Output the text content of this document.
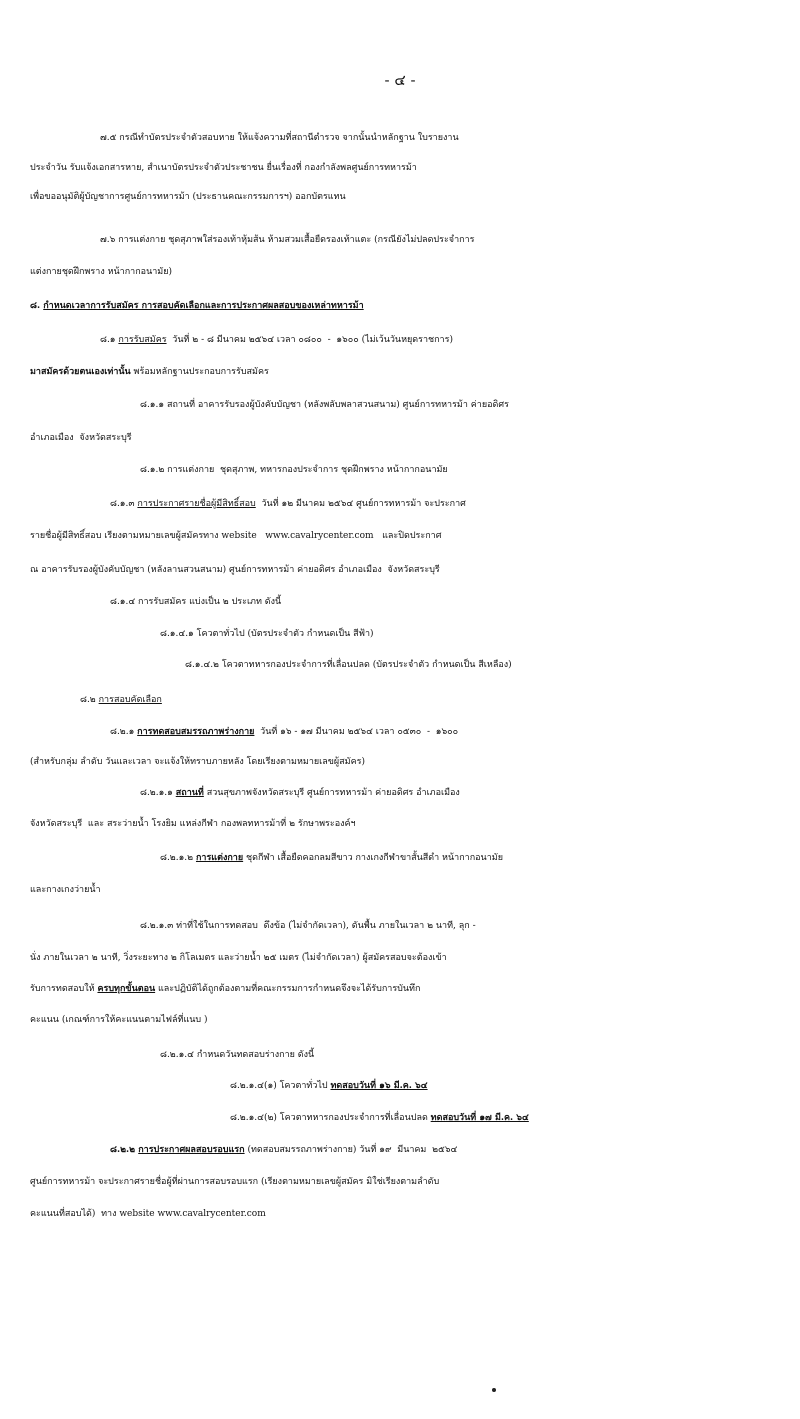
- ๔ -
๗.๕ กรณีทำบัตรประจำตัวสอบหาย ให้แจ้งความที่สถานีตำรวจ จากนั้นนำหลักฐาน ใบรายงาน
ประจำวัน รับแจ้งเอกสารหาย, สำเนาบัตรประจำตัวประชาชน ยื่นเรื่องที่ กองกำลังพลศูนย์การทหารม้า
เพื่อขออนุมัติผู้บัญชาการศูนย์การทหารม้า (ประธานคณะกรรมการฯ) ออกบัตรแทน
๗.๖ การแต่งกาย ชุดสุภาพใส่รองเท้าหุ้มส้น ห้ามสวมเสื้อยืดรองเท้าแตะ (กรณียังไม่ปลดประจำการ
แต่งกายชุดฝึกพราง หน้ากากอนามัย)
๘. กำหนดเวลาการรับสมัคร การสอบคัดเลือกและการประกาศผลสอบของเหล่าทหารม้า
๘.๑ การรับสมัคร  วันที่ ๒ - ๘ มีนาคม ๒๕๖๔ เวลา ๐๘๐๐  -  ๑๖๐๐ (ไม่เว้นวันหยุดราชการ)
มาสมัครด้วยตนเองเท่านั้น พร้อมหลักฐานประกอบการรับสมัคร
๘.๑.๑ สถานที่ อาคารรับรองผู้บังคับบัญชา (หลังพลับพลาสวนสนาม) ศูนย์การทหารม้า ค่ายอดิศร
อำเภอเมือง  จังหวัดสระบุรี
๘.๑.๒ การแต่งกาย  ชุดสุภาพ, ทหารกองประจำการ ชุดฝึกพราง หน้ากากอนามัย
๘.๑.๓ การประกาศรายชื่อผู้มีสิทธิ์สอบ  วันที่ ๑๒ มีนาคม ๒๕๖๔ ศูนย์การทหารม้า จะประกาศ
รายชื่อผู้มีสิทธิ์สอบ เรียงตามหมายเลขผู้สมัครทาง website   www.cavalrycenter.com   และปิดประกาศ
ณ อาคารรับรองผู้บังคับบัญชา (หลังลานสวนสนาม) ศูนย์การทหารม้า ค่ายอดิศร อำเภอเมือง  จังหวัดสระบุรี
๘.๑.๔ การรับสมัคร แบ่งเป็น ๒ ประเภท ดังนี้
๘.๑.๔.๑ โควตาทั่วไป (บัตรประจำตัว กำหนดเป็น สีฟ้า)
๘.๑.๔.๒ โควตาทหารกองประจำการที่เลื่อนปลด (บัตรประจำตัว กำหนดเป็น สีเหลือง)
๘.๒ การสอบคัดเลือก
๘.๒.๑ การทดสอบสมรรถภาพร่างกาย  วันที่ ๑๖ - ๑๗ มีนาคม ๒๕๖๔ เวลา ๐๕๓๐  -  ๑๖๐๐
(สำหรับกลุ่ม ลำดับ วันและเวลา จะแจ้งให้ทราบภายหลัง โดยเรียงตามหมายเลขผู้สมัคร)
๘.๒.๑.๑ สถานที่ สวนสุขภาพจังหวัดสระบุรี ศูนย์การทหารม้า ค่ายอดิศร อำเภอเมือง
จังหวัดสระบุรี  และ สระว่ายน้ำ โรงยิม แหล่งกีฬา กองพลทหารม้าที่ ๒ รักษาพระองค์ฯ
๘.๒.๑.๒ การแต่งกาย ชุดกีฬา เสื้อยืดคอกลมสีขาว กางเกงกีฬาขาสั้นสีดำ หน้ากากอนามัย
และกางเกงว่ายน้ำ
๘.๒.๑.๓ ท่าที่ใช้ในการทดสอบ  ดึงข้อ (ไม่จำกัดเวลา), ดันพื้น ภายในเวลา ๒ นาที, ลุก -
นั่ง ภายในเวลา ๒ นาที, วิ่งระยะทาง ๒ กิโลเมตร และว่ายน้ำ ๒๕ เมตร (ไม่จำกัดเวลา) ผู้สมัครสอบจะต้องเข้า
รับการทดสอบให้ ครบทุกขั้นตอน และปฏิบัติได้ถูกต้องตามที่คณะกรรมการกำหนดจึงจะได้รับการบันทึก
คะแนน (เกณฑ์การให้คะแนนตามไฟล์ที่แนบ )
๘.๒.๑.๔ กำหนดวันทดสอบร่างกาย ดังนี้
๘.๒.๑.๔(๑) โควตาทั่วไป ทดสอบวันที่ ๑๖ มี.ค. ๖๔
๘.๒.๑.๔(๒) โควตาทหารกองประจำการที่เลื่อนปลด ทดสอบวันที่ ๑๗ มี.ค. ๖๔
๘.๒.๒ การประกาศผลสอบรอบแรก (ทดสอบสมรรถภาพร่างกาย) วันที่ ๑๙  มีนาคม  ๒๕๖๔
ศูนย์การทหารม้า จะประกาศรายชื่อผู้ที่ผ่านการสอบรอบแรก (เรียงตามหมายเลขผู้สมัคร มิใช่เรียงตามลำดับ
คะแนนที่สอบได้)  ทาง website www.cavalrycenter.com
